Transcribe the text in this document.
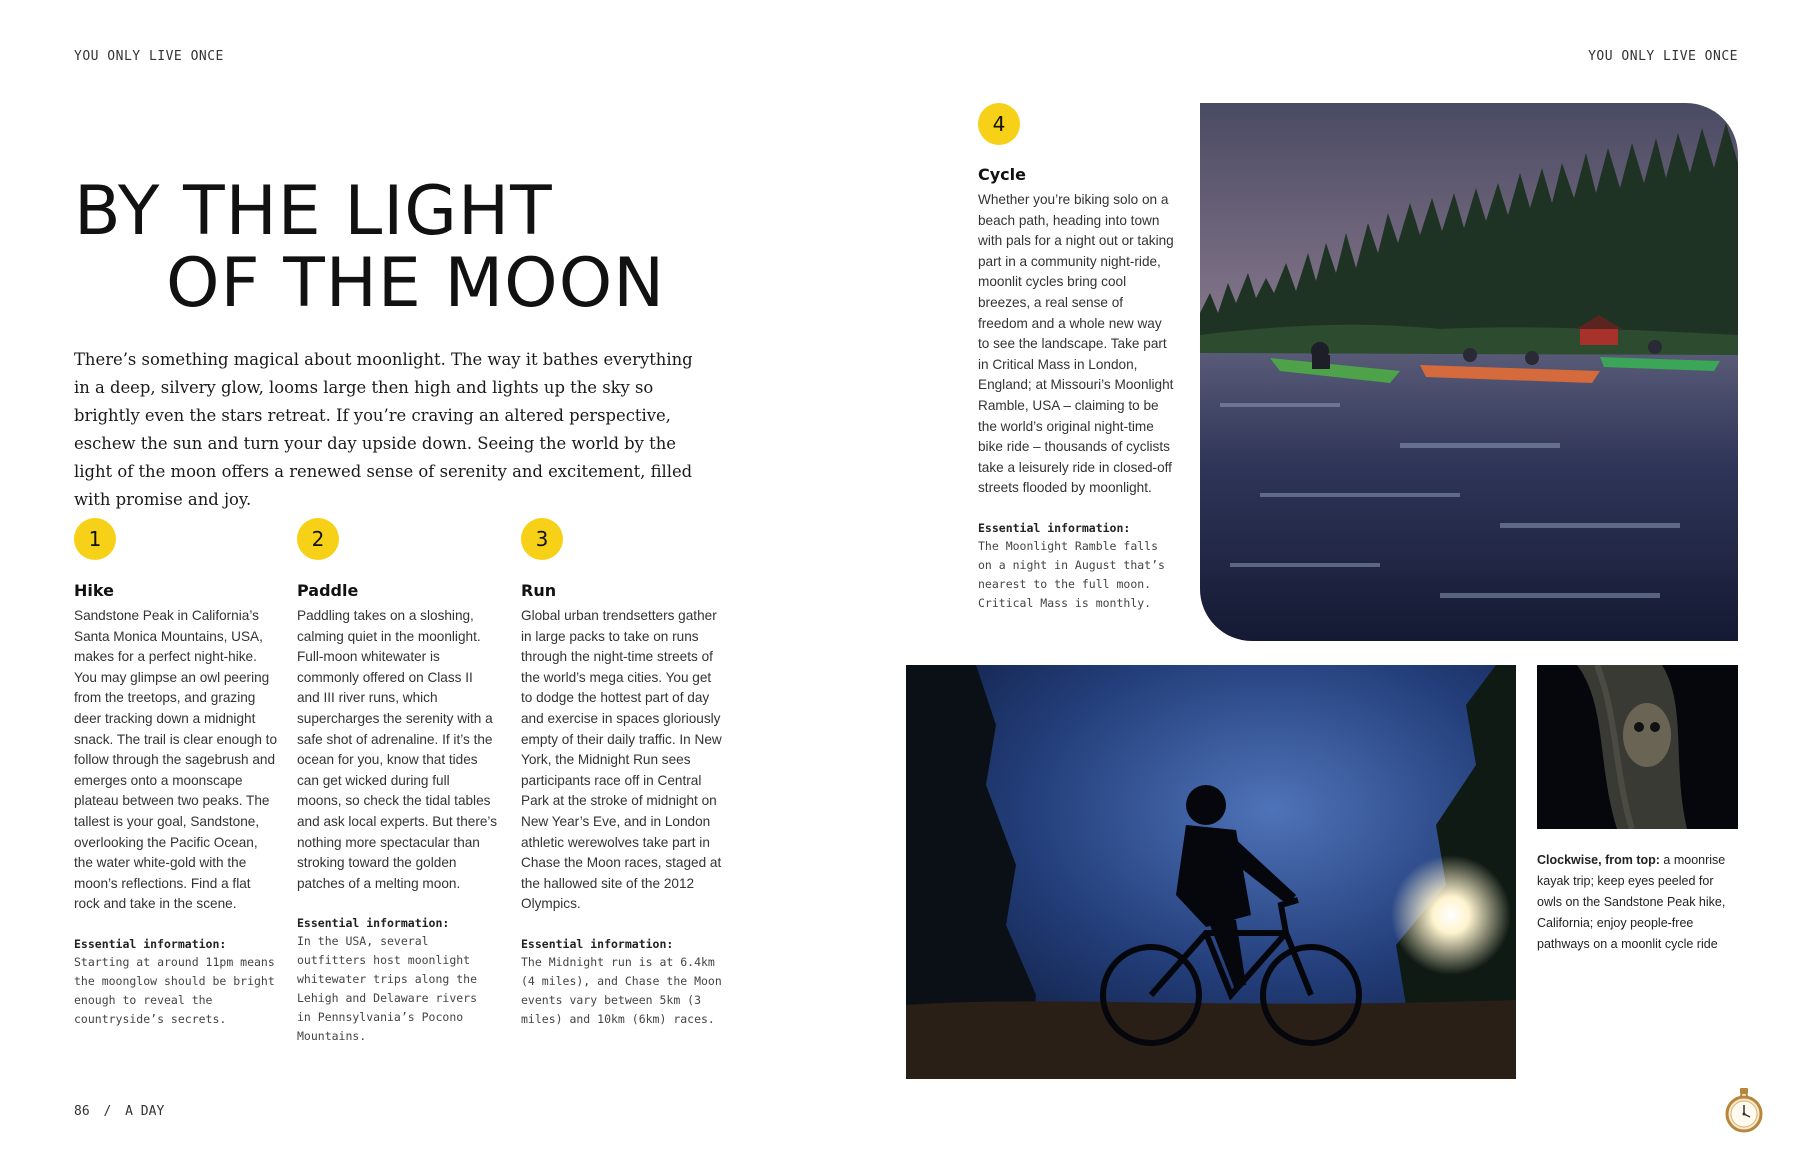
YOU ONLY LIVE ONCE	YOU ONLY LIVE ONCE
BY THE LIGHT
OF THE MOON

There’s something magical about moonlight. The way it bathes everything in a deep, silvery glow, looms large then high and lights up the sky so brightly even the stars retreat. If you’re craving an altered perspective, eschew the sun and turn your day upside down. Seeing the world by the light of the moon offers a renewed sense of serenity and excitement, filled with promise and joy.

1
Hike

Sandstone Peak in California’s Santa Monica Mountains, USA, makes for a perfect night-hike. You may glimpse an owl peering from the treetops, and grazing deer tracking down a midnight snack. The trail is clear enough to follow through the sagebrush and emerges onto a moonscape plateau between two peaks. The tallest is your goal, Sandstone, overlooking the Pacific Ocean, the water white-gold with the moon’s reflections. Find a flat rock and take in the scene.

Essential information:

Starting at around 11pm means the moonglow should be bright enough to reveal the countryside’s secrets.

2
Paddle

Paddling takes on a sloshing, calming quiet in the moonlight. Full-moon whitewater is commonly offered on Class II and III river runs, which supercharges the serenity with a safe shot of adrenaline. If it’s the ocean for you, know that tides can get wicked during full moons, so check the tidal tables and ask local experts. But there’s nothing more spectacular than stroking toward the golden patches of a melting moon.

Essential information:

In the USA, several outfitters host moonlight whitewater trips along the Lehigh and Delaware rivers in Pennsylvania’s Pocono Mountains.

3
Run

Global urban trendsetters gather in large packs to take on runs through the night-time streets of the world’s mega cities. You get to dodge the hottest part of day and exercise in spaces gloriously empty of their daily traffic. In New York, the Midnight Run sees participants race off in Central Park at the stroke of midnight on New Year’s Eve, and in London athletic werewolves take part in Chase the Moon races, staged at the hallowed site of the 2012 Olympics.

Essential information:

The Midnight run is at 6.4km (4 miles), and Chase the Moon events vary between 5km (3 miles) and 10km (6km) races.

4
Cycle

Whether you’re biking solo on a beach path, heading into town with pals for a night out or taking part in a community night-ride, moonlit cycles bring cool breezes, a real sense of freedom and a whole new way to see the landscape. Take part in Critical Mass in London, England; at Missouri’s Moonlight Ramble, USA – claiming to be the world’s original night-time bike ride – thousands of cyclists take a leisurely ride in closed-off streets flooded by moonlight.

Essential information:

The Moonlight Ramble falls on a night in August that’s nearest to the full moon. Critical Mass is monthly.

Clockwise, from top: a moonrise kayak trip; keep eyes peeled for owls on the Sandstone Peak hike, California; enjoy people-free pathways on a moonlit cycle ride
86 / A DAY
